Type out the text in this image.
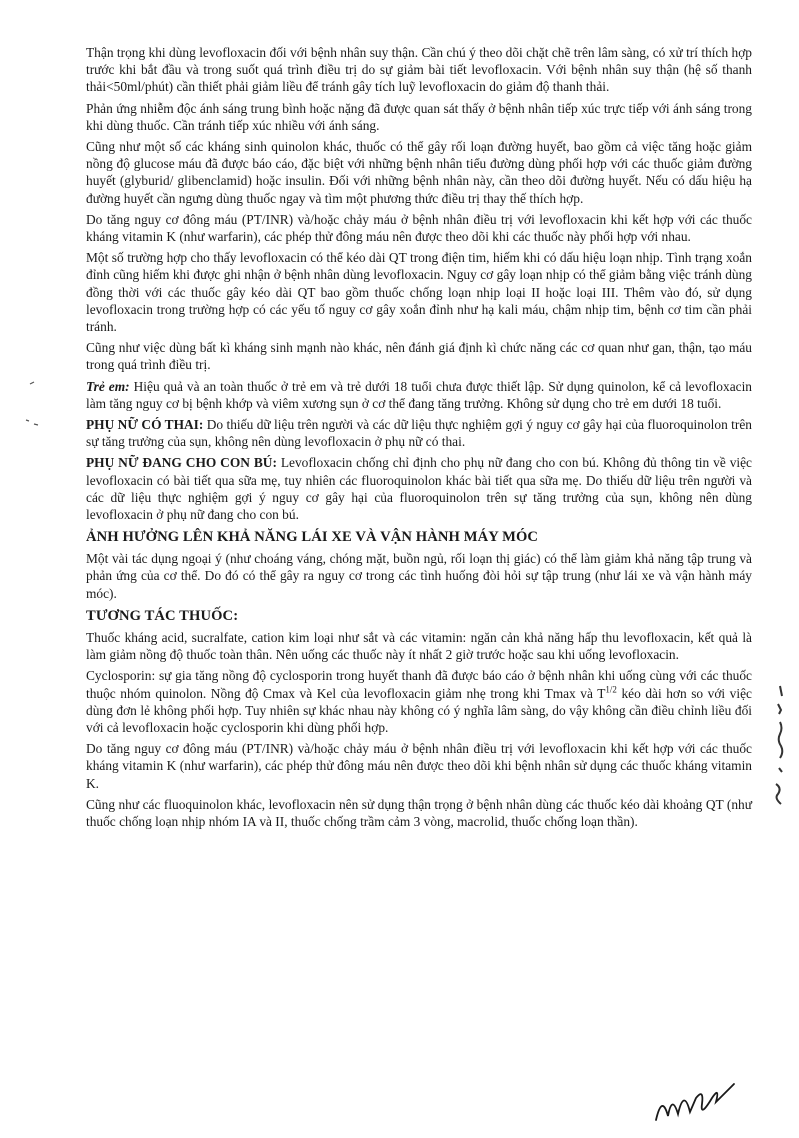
Thận trọng khi dùng levofloxacin đối với bệnh nhân suy thận. Cần chú ý theo dõi chặt chẽ trên lâm sàng, có xử trí thích hợp trước khi bắt đầu và trong suốt quá trình điều trị do sự giảm bài tiết levofloxacin. Với bệnh nhân suy thận (hệ số thanh thải<50ml/phút) cần thiết phải giảm liều để tránh gây tích luỹ levofloxacin do giảm độ thanh thải.

Phản ứng nhiễm độc ánh sáng trung bình hoặc nặng đã được quan sát thấy ở bệnh nhân tiếp xúc trực tiếp với ánh sáng trong khi dùng thuốc. Cần tránh tiếp xúc nhiều với ánh sáng.

Cũng như một số các kháng sinh quinolon khác, thuốc có thể gây rối loạn đường huyết, bao gồm cả việc tăng hoặc giảm nồng độ glucose máu đã được báo cáo, đặc biệt với những bệnh nhân tiểu đường dùng phối hợp với các thuốc giảm đường huyết (glyburid/ glibenclamid) hoặc insulin. Đối với những bệnh nhân này, cần theo dõi đường huyết. Nếu có dấu hiệu hạ đường huyết cần ngưng dùng thuốc ngay và tìm một phương thức điều trị thay thế thích hợp.

Do tăng nguy cơ đông máu (PT/INR) và/hoặc chảy máu ở bệnh nhân điều trị với levofloxacin khi kết hợp với các thuốc kháng vitamin K (như warfarin), các phép thử đông máu nên được theo dõi khi các thuốc này phối hợp với nhau.

Một số trường hợp cho thấy levofloxacin có thể kéo dài QT trong điện tim, hiếm khi có dấu hiệu loạn nhịp. Tình trạng xoắn đỉnh cũng hiếm khi được ghi nhận ở bệnh nhân dùng levofloxacin. Nguy cơ gây loạn nhịp có thể giảm bằng việc tránh dùng đồng thời với các thuốc gây kéo dài QT bao gồm thuốc chống loạn nhịp loại II hoặc loại III. Thêm vào đó, sử dụng levofloxacin trong trường hợp có các yếu tố nguy cơ gây xoắn đỉnh như hạ kali máu, chậm nhịp tim, bệnh cơ tim cần phải tránh.

Cũng như việc dùng bất kì kháng sinh mạnh nào khác, nên đánh giá định kì chức năng các cơ quan như gan, thận, tạo máu trong quá trình điều trị.

Trẻ em: Hiệu quả và an toàn thuốc ở trẻ em và trẻ dưới 18 tuổi chưa được thiết lập. Sử dụng quinolon, kể cả levofloxacin làm tăng nguy cơ bị bệnh khớp và viêm xương sụn ở cơ thể đang tăng trưởng. Không sử dụng cho trẻ em dưới 18 tuổi.

PHỤ NỮ CÓ THAI: Do thiếu dữ liệu trên người và các dữ liệu thực nghiệm gợi ý nguy cơ gây hại của fluoroquinolon trên sự tăng trưởng của sụn, không nên dùng levofloxacin ở phụ nữ có thai.

PHỤ NỮ ĐANG CHO CON BÚ: Levofloxacin chống chỉ định cho phụ nữ đang cho con bú. Không đủ thông tin về việc levofloxacin có bài tiết qua sữa mẹ, tuy nhiên các fluoroquinolon khác bài tiết qua sữa mẹ. Do thiếu dữ liệu trên người và các dữ liệu thực nghiệm gợi ý nguy cơ gây hại của fluoroquinolon trên sự tăng trưởng của sụn, không nên dùng levofloxacin ở phụ nữ đang cho con bú.

ẢNH HƯỞNG LÊN KHẢ NĂNG LÁI XE VÀ VẬN HÀNH MÁY MÓC

Một vài tác dụng ngoại ý (như choáng váng, chóng mặt, buồn ngủ, rối loạn thị giác) có thể làm giảm khả năng tập trung và phản ứng của cơ thể. Do đó có thể gây ra nguy cơ trong các tình huống đòi hỏi sự tập trung (như lái xe và vận hành máy móc).

TƯƠNG TÁC THUỐC:

Thuốc kháng acid, sucralfate, cation kim loại như sắt và các vitamin: ngăn cản khả năng hấp thu levofloxacin, kết quả là làm giảm nồng độ thuốc toàn thân. Nên uống các thuốc này ít nhất 2 giờ trước hoặc sau khi uống levofloxacin.

Cyclosporin: sự gia tăng nồng độ cyclosporin trong huyết thanh đã được báo cáo ở bệnh nhân khi uống cùng với các thuốc thuộc nhóm quinolon. Nồng độ Cmax và Kel của levofloxacin giảm nhẹ trong khi Tmax và $T^{1/2}$ kéo dài hơn so với việc dùng đơn lẻ không phối hợp. Tuy nhiên sự khác nhau này không có ý nghĩa lâm sàng, do vậy không cần điều chỉnh liều đối với cả levofloxacin hoặc cyclosporin khi dùng phối hợp.

Do tăng nguy cơ đông máu (PT/INR) và/hoặc chảy máu ở bệnh nhân điều trị với levofloxacin khi kết hợp với các thuốc kháng vitamin K (như warfarin), các phép thử đông máu nên được theo dõi khi bệnh nhân sử dụng các thuốc kháng vitamin K.

Cũng như các fluoquinolon khác, levofloxacin nên sử dụng thận trọng ở bệnh nhân dùng các thuốc kéo dài khoảng QT (như thuốc chống loạn nhịp nhóm IA và II, thuốc chống trầm cảm 3 vòng, macrolid, thuốc chống loạn thần).
